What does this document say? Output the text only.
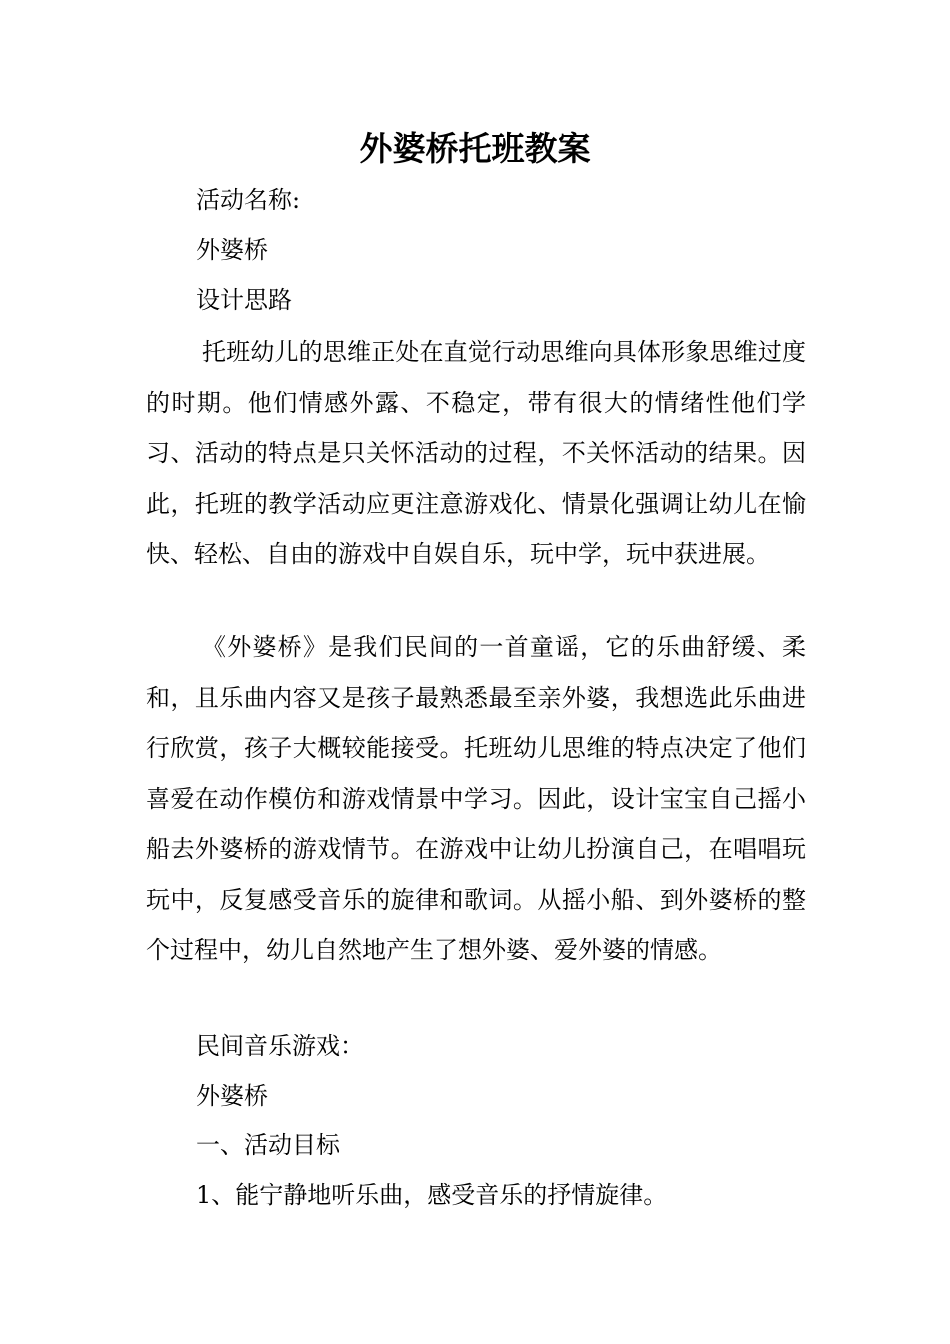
外婆桥托班教案

活动名称:

外婆桥

设计思路

托班幼儿的思维正处在直觉行动思维向具体形象思维过度的时期。他们情感外露、不稳定，带有很大的情绪性他们学习、活动的特点是只关怀活动的过程，不关怀活动的结果。因此，托班的教学活动应更注意游戏化、情景化强调让幼儿在愉快、轻松、自由的游戏中自娱自乐，玩中学，玩中获进展。

《外婆桥》是我们民间的一首童谣，它的乐曲舒缓、柔和，且乐曲内容又是孩子最熟悉最至亲外婆，我想选此乐曲进行欣赏，孩子大概较能接受。托班幼儿思维的特点决定了他们喜爱在动作模仿和游戏情景中学习。因此，设计宝宝自己摇小船去外婆桥的游戏情节。在游戏中让幼儿扮演自己，在唱唱玩玩中，反复感受音乐的旋律和歌词。从摇小船、到外婆桥的整个过程中，幼儿自然地产生了想外婆、爱外婆的情感。

民间音乐游戏：

外婆桥

一、活动目标

1、能宁静地听乐曲，感受音乐的抒情旋律。
